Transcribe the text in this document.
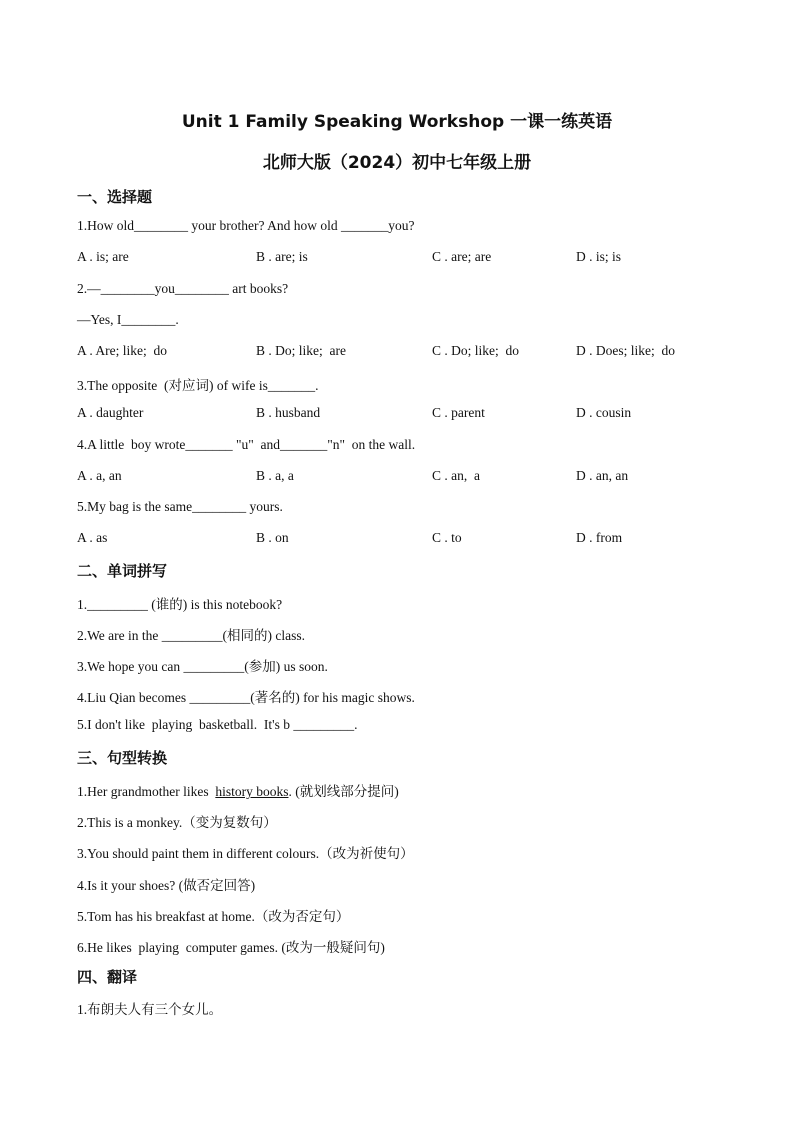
Unit 1 Family Speaking Workshop 一课一练英语
北师大版（2024）初中七年级上册
一、选择题
1.How old________ your brother? And how old _______you?
A . is; are	B . are; is	C . are; are	D . is; is
2.—________you________ art books?
—Yes, I________.
A . Are; like;  do	B . Do; like;  are	C . Do; like;  do	D . Does; like;  do
3.The opposite  (对应词) of wife is_______.
A . daughter	B . husband	C . parent	D . cousin
4.A little  boy wrote_______ "u"  and_______"n"  on the wall.
A . a, an	B . a, a	C . an,  a	D . an, an
5.My bag is the same________ yours.
A . as	B . on	C . to	D . from
二、单词拼写
1._________ (谁的) is this notebook?
2.We are in the _________(相同的) class.
3.We hope you can _________(参加) us soon.
4.Liu Qian becomes _________(著名的) for his magic shows.
5.I don't like  playing  basketball.  It's b _________.
三、句型转换
1.Her grandmother likes  history books. (就划线部分提问)
2.This is a monkey.（变为复数句）
3.You should paint them in different colours.（改为祈使句）
4.Is it your shoes? (做否定回答)
5.Tom has his breakfast at home.（改为否定句）
6.He likes  playing  computer games. (改为一般疑问句)
四、翻译
1.布朗夫人有三个女儿。
